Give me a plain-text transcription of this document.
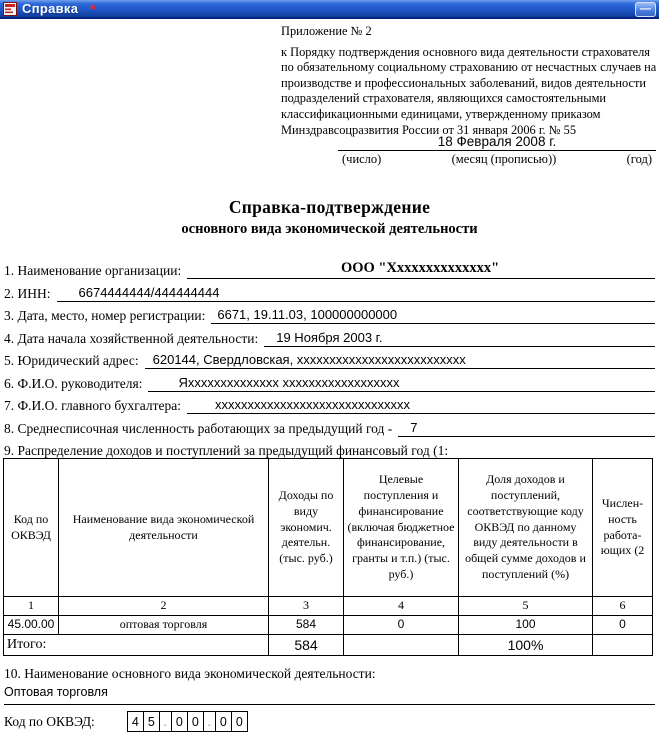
Справка *	—
Приложение № 2
к Порядку подтверждения основного вида деятельности страхователя по обязательному социальному страхованию от несчастных случаев на производстве и профессиональных заболеваний, видов деятельности подразделений страхователя, являющихся самостоятельными классификационными единицами, утвержденному приказом Минздравсоцразвития России от 31 января 2006 г. № 55
18 Февраля 2008 г.
(число)	(месяц (прописью))	(год)
Справка-подтверждение
основного вида экономической деятельности
1. Наименование организации:	ООО "Хххххххххххххх"
2. ИНН:	6674444444/444444444
3. Дата, место, номер регистрации: 6671, 19.11.03, 100000000000
4. Дата начала хозяйственной деятельности:	19 Ноября 2003 г.
5. Юридический адрес:	620144, Свердловская, хххххххххххххххххххххххххх
6. Ф.И.О. руководителя:	Яхххххххххххххх хххххххххххххххххх
7. Ф.И.О. главного бухгалтера:	хххххххххххххххххххххххххххххх
8. Среднесписочная численность работающих за предыдущий год -	7
9. Распределение доходов и поступлений за предыдущий финансовый год (1:
Код по ОКВЭД	Наименование вида экономической деятельности	Доходы по виду экономич. деятельн. (тыс. руб.)	Целевые поступления и финансирование (включая бюджетное финансирование, гранты и т.п.) (тыс. руб.)	Доля доходов и поступлений, соответствующие коду ОКВЭД по данному виду деятельности в общей сумме доходов и поступлений (%)	Числен-ность работа-ющих (2
1	2	3	4	5	6
45.00.00	оптовая торговля	584	0	100	0
Итого:		584		100%	
10. Наименование основного вида экономической деятельности:
Оптовая торговля
Код по ОКВЭД:	4 5 . 0 0 . 0 0
